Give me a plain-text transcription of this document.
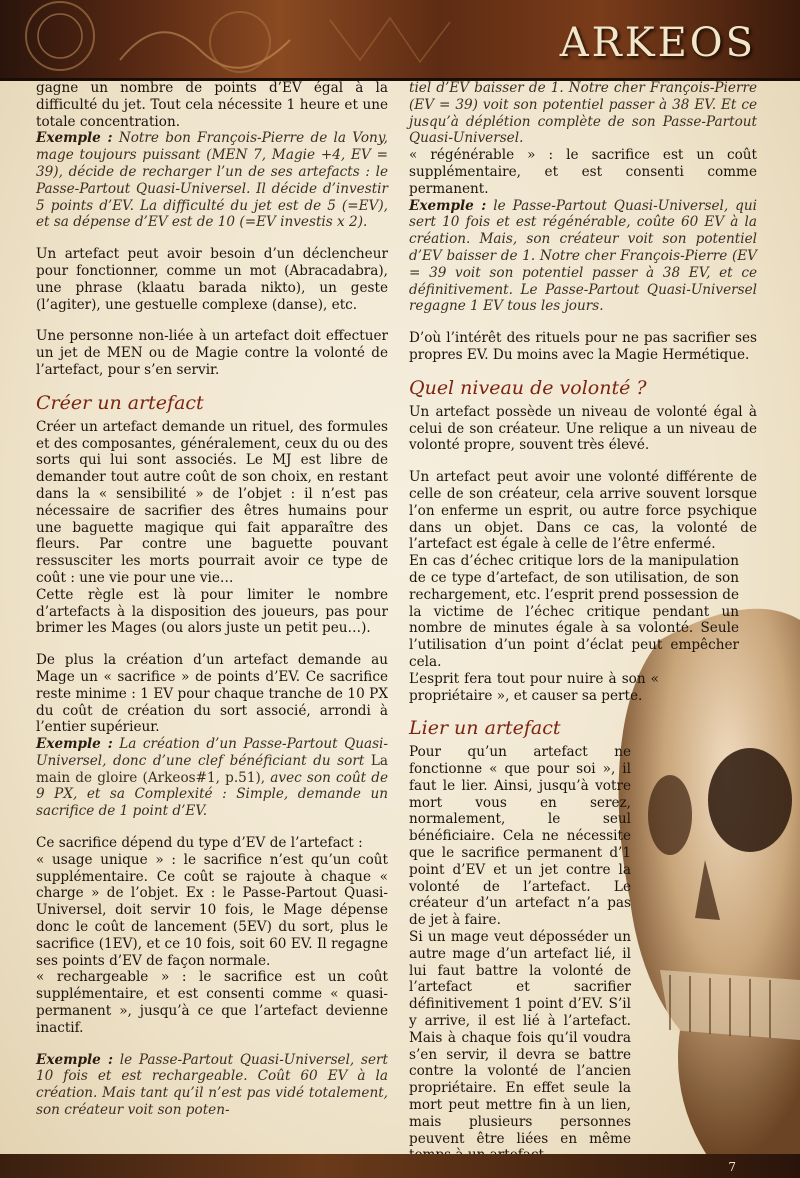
ARKEOS

gagne un nombre de points d’EV égal à la difficulté du jet. Tout cela nécessite 1 heure et une totale concentration.

Exemple : Notre bon François-Pierre de la Vony, mage toujours puissant (MEN 7, Magie +4, EV = 39), décide de recharger l’un de ses artefacts : le Passe-Partout Quasi-Universel. Il décide d’investir 5 points d’EV. La difficulté du jet est de 5 (=EV), et sa dépense d’EV est de 10 (=EV investis x 2).

Un artefact peut avoir besoin d’un déclencheur pour fonctionner, comme un mot (Abracadabra), une phrase (klaatu barada nikto), un geste (l’agiter), une gestuelle complexe (danse), etc.

Une personne non-liée à un artefact doit effectuer un jet de MEN ou de Magie contre la volonté de l’artefact, pour s’en servir.

Créer un artefact

Créer un artefact demande un rituel, des formules et des composantes, généralement, ceux du ou des sorts qui lui sont associés. Le MJ est libre de demander tout autre coût de son choix, en restant dans la « sensibilité » de l’objet : il n’est pas nécessaire de sacrifier des êtres humains pour une baguette magique qui fait apparaître des fleurs. Par contre une baguette pouvant ressusciter les morts pourrait avoir ce type de coût : une vie pour une vie…

Cette règle est là pour limiter le nombre d’artefacts à la disposition des joueurs, pas pour brimer les Mages (ou alors juste un petit peu…).

De plus la création d’un artefact demande au Mage un « sacrifice » de points d’EV. Ce sacrifice reste minime : 1 EV pour chaque tranche de 10 PX du coût de création du sort associé, arrondi à l’entier supérieur.

Exemple : La création d’un Passe-Partout Quasi-Universel, donc d’une clef bénéficiant du sort La main de gloire (Arkeos#1, p.51), avec son coût de 9 PX, et sa Complexité : Simple, demande un sacrifice de 1 point d’EV.

Ce sacrifice dépend du type d’EV de l’artefact :

« usage unique » : le sacrifice n’est qu’un coût supplémentaire. Ce coût se rajoute à chaque « charge » de l’objet. Ex : le Passe-Partout Quasi-Universel, doit servir 10 fois, le Mage dépense donc le coût de lancement (5EV) du sort, plus le sacrifice (1EV), et ce 10 fois, soit 60 EV. Il regagne ses points d’EV de façon normale.

« rechargeable » : le sacrifice est un coût supplémentaire, et est consenti comme « quasi-permanent », jusqu’à ce que l’artefact devienne inactif.

Exemple : le Passe-Partout Quasi-Universel, sert 10 fois et est rechargeable. Coût 60 EV à la création. Mais tant qu’il n’est pas vidé totalement, son créateur voit son poten-

tiel d’EV baisser de 1. Notre cher François-Pierre (EV = 39) voit son potentiel passer à 38 EV. Et ce jusqu’à déplétion complète de son Passe-Partout Quasi-Universel.

« régénérable » : le sacrifice est un coût supplémentaire, et est consenti comme permanent.

Exemple : le Passe-Partout Quasi-Universel, qui sert 10 fois et est régénérable, coûte 60 EV à la création. Mais, son créateur voit son potentiel d’EV baisser de 1. Notre cher François-Pierre (EV = 39 voit son potentiel passer à 38 EV, et ce définitivement. Le Passe-Partout Quasi-Universel regagne 1 EV tous les jours.

D’où l’intérêt des rituels pour ne pas sacrifier ses propres EV. Du moins avec la Magie Hermétique.

Quel niveau de volonté ?

Un artefact possède un niveau de volonté égal à celui de son créateur. Une relique a un niveau de volonté propre, souvent très élevé.

Un artefact peut avoir une volonté différente de celle de son créateur, cela arrive souvent lorsque l’on enferme un esprit, ou autre force psychique dans un objet. Dans ce cas, la volonté de l’artefact est égale à celle de l’être enfermé.

En cas d’échec critique lors de la manipulation de ce type d’artefact, de son utilisation, de son rechargement, etc. l’esprit prend possession de la victime de l’échec critique pendant un nombre de minutes égale à sa volonté. Seule l’utilisation d’un point d’éclat peut empêcher cela.

L’esprit fera tout pour nuire à son « propriétaire », et causer sa perte.

Lier un artefact

Pour qu’un artefact ne fonctionne « que pour soi », il faut le lier. Ainsi, jusqu’à votre mort vous en serez, normalement, le seul bénéficiaire. Cela ne nécessite que le sacrifice permanent d’1 point d’EV et un jet contre la volonté de l’artefact. Le créateur d’un artefact n’a pas de jet à faire.

Si un mage veut déposséder un autre mage d’un artefact lié, il lui faut battre la volonté de l’artefact et sacrifier définitivement 1 point d’EV. S’il y arrive, il est lié à l’artefact. Mais à chaque fois qu’il voudra s’en servir, il devra se battre contre la volonté de l’ancien propriétaire. En effet seule la mort peut mettre fin à un lien, mais plusieurs personnes peuvent être liées en même

7
